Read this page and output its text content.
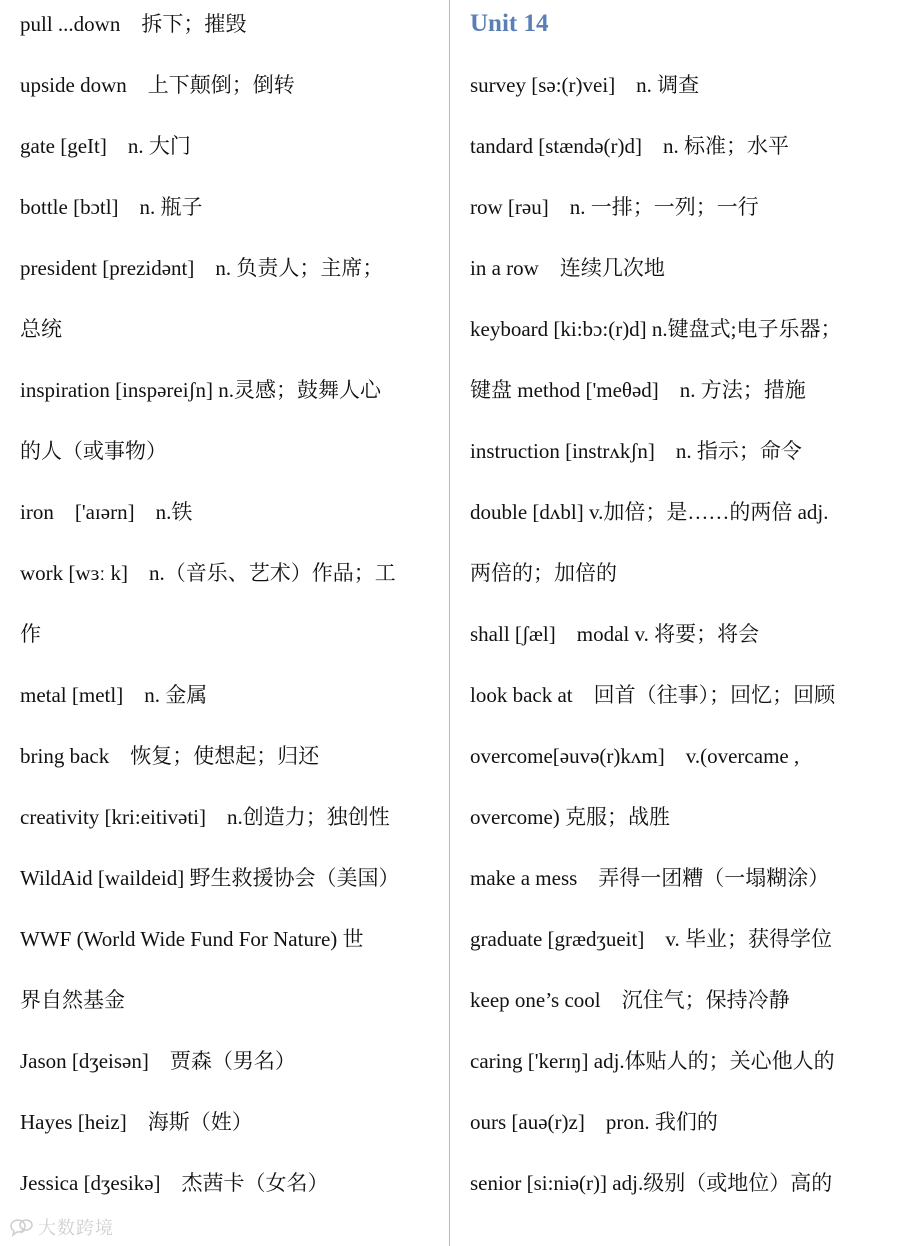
pull ...down　拆下；摧毁
upside down　上下颠倒；倒转
gate [geIt]　n. 大门
bottle [bɔtl]　n. 瓶子
president [prezidənt]　n. 负责人；主席；
总统
inspiration [inspəreiʃn] n.灵感；鼓舞人心
的人（或事物）
iron　['aɪərn]　n.铁
work [wɜː k]　n.（音乐、艺术）作品；工
作
metal [metl]　n. 金属
bring back　恢复；使想起；归还
creativity [kri:eitivəti]　n.创造力；独创性
WildAid [waildeid] 野生救援协会（美国）
WWF (World Wide Fund For Nature) 世
界自然基金
Jason [dʒeisən]　贾森（男名）
Hayes [heiz]　海斯（姓）
Jessica [dʒesikə]　杰茜卡（女名）
Unit 14
survey [sə:(r)vei]　n. 调查
tandard [stændə(r)d]　n. 标准；水平
row [rəu]　n. 一排；一列；一行
in a row　连续几次地
keyboard [ki:bɔ:(r)d] n.键盘式;电子乐器；
键盘 method ['meθəd]　n. 方法；措施
instruction [instrʌkʃn]　n. 指示；命令
double [dʌbl] v.加倍；是……的两倍 adj.
两倍的；加倍的
shall [ʃæl]　modal v. 将要；将会
look back at　回首（往事）；回忆；回顾
overcome[əuvə(r)kʌm]　v.(overcame ,
overcome) 克服；战胜
make a mess　弄得一团糟（一塌糊涂）
graduate [grædʒueit]　v. 毕业；获得学位
keep one’s cool　沉住气；保持冷静
caring ['kerɪŋ] adj.体贴人的；关心他人的
ours [auə(r)z]　pron. 我们的
senior [si:niə(r)] adj.级别（或地位）高的
大数跨境
